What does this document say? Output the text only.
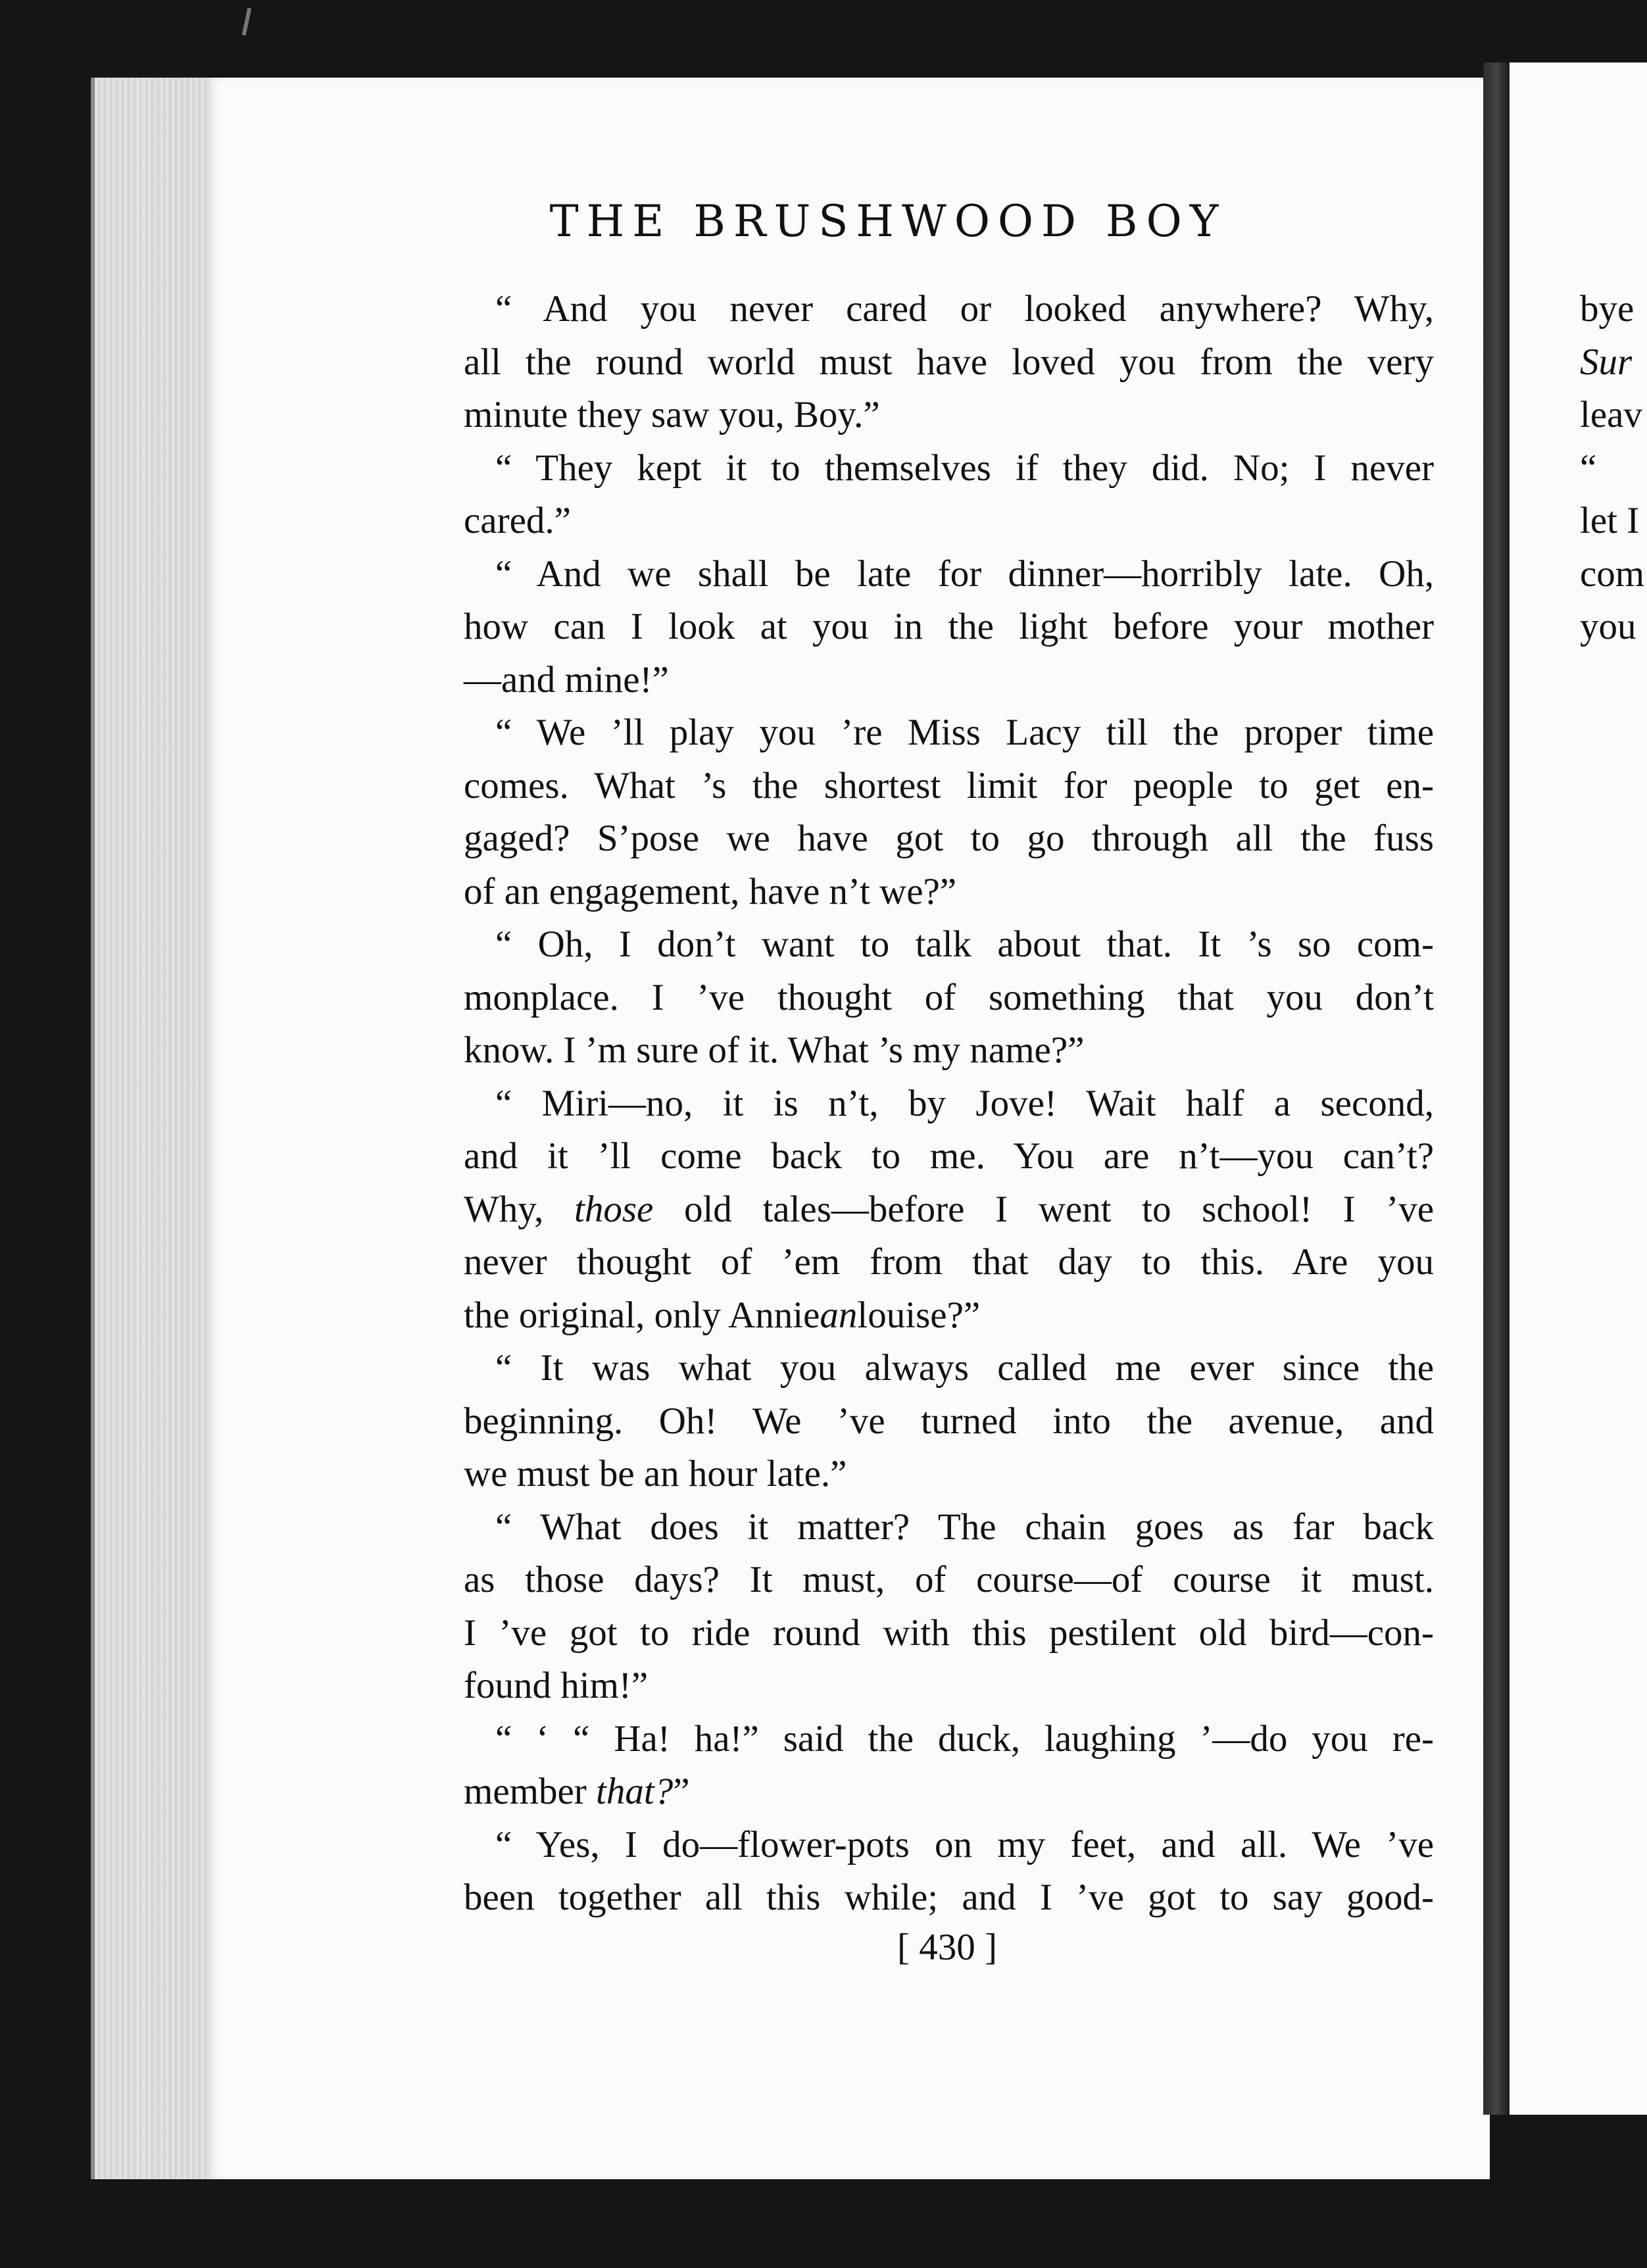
THE BRUSHWOOD BOY
“ And you never cared or looked anywhere? Why,
all the round world must have loved you from the very
minute they saw you, Boy.”
“ They kept it to themselves if they did. No; I never
cared.”
“ And we shall be late for dinner—horribly late. Oh,
how can I look at you in the light before your mother
—and mine!”
“ We ’ll play you ’re Miss Lacy till the proper time
comes. What ’s the shortest limit for people to get en-
gaged? S’pose we have got to go through all the fuss
of an engagement, have n’t we?”
“ Oh, I don’t want to talk about that. It ’s so com-
monplace. I ’ve thought of something that you don’t
know. I ’m sure of it. What ’s my name?”
“ Miri—no, it is n’t, by Jove! Wait half a second,
and it ’ll come back to me. You are n’t—you can’t?
Why, those old tales—before I went to school! I ’ve
never thought of ’em from that day to this. Are you
the original, only Annieanlouise?”
“ It was what you always called me ever since the
beginning. Oh! We ’ve turned into the avenue, and
we must be an hour late.”
“ What does it matter? The chain goes as far back
as those days? It must, of course—of course it must.
I ’ve got to ride round with this pestilent old bird—con-
found him!”
“ ‘ “ Ha! ha!” said the duck, laughing ’—do you re-
member that?”
“ Yes, I do—flower-pots on my feet, and all. We ’ve
been together all this while; and I ’ve got to say good-
[ 430 ]
bye
Sur
leav
“
let I
com
you
